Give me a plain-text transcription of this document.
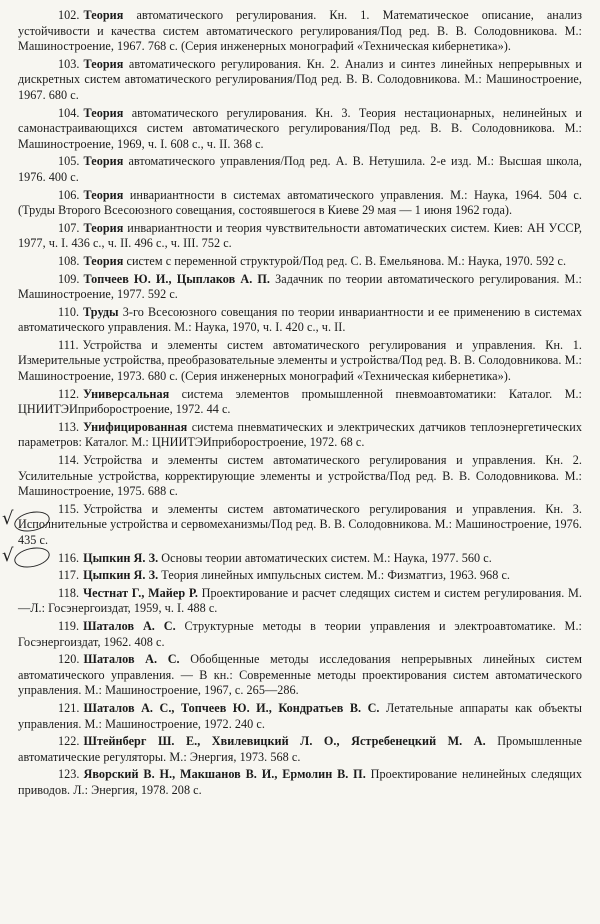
102. Теория автоматического регулирования. Кн. 1. Математическое описание, анализ устойчивости и качества систем автоматического регулирования/Под ред. В. В. Солодовникова. М.: Машиностроение, 1967. 768 с. (Серия инженерных монографий «Техническая кибернетика»).

103. Теория автоматического регулирования. Кн. 2. Анализ и синтез линейных непрерывных и дискретных систем автоматического регулирования/Под ред. В. В. Солодовникова. М.: Машиностроение, 1967. 680 с.

104. Теория автоматического регулирования. Кн. 3. Теория нестационарных, нелинейных и самонастраивающихся систем автоматического регулирования/Под ред. В. В. Солодовникова. М.: Машиностроение, 1969, ч. I. 608 с., ч. II. 368 с.

105. Теория автоматического управления/Под ред. А. В. Нетушила. 2-е изд. М.: Высшая школа, 1976. 400 с.

106. Теория инвариантности в системах автоматического управления. М.: Наука, 1964. 504 с. (Труды Второго Всесоюзного совещания, состоявшегося в Киеве 29 мая — 1 июня 1962 года).

107. Теория инвариантности и теория чувствительности автоматических систем. Киев: АН УССР, 1977, ч. I. 436 с., ч. II. 496 с., ч. III. 752 с.

108. Теория систем с переменной структурой/Под ред. С. В. Емельянова. М.: Наука, 1970. 592 с.

109. Топчеев Ю. И., Цыплаков А. П. Задачник по теории автоматического регулирования. М.: Машиностроение, 1977. 592 с.

110. Труды 3-го Всесоюзного совещания по теории инвариантности и ее применению в системах автоматического управления. М.: Наука, 1970, ч. I. 420 с., ч. II.

111. Устройства и элементы систем автоматического регулирования и управления. Кн. 1. Измерительные устройства, преобразовательные элементы и устройства/Под ред. В. В. Солодовникова. М.: Машиностроение, 1973. 680 с. (Серия инженерных монографий «Техническая кибернетика»).

112. Универсальная система элементов промышленной пневмоавтоматики: Каталог. М.: ЦНИИТЭИприборостроение, 1972. 44 с.

113. Унифицированная система пневматических и электрических датчиков теплоэнергетических параметров: Каталог. М.: ЦНИИТЭИприборостроение, 1972. 68 с.

114. Устройства и элементы систем автоматического регулирования и управления. Кн. 2. Усилительные устройства, корректирующие элементы и устройства/Под ред. В. В. Солодовникова. М.: Машиностроение, 1975. 688 с.

115. Устройства и элементы систем автоматического регулирования и управления. Кн. 3. Исполнительные устройства и сервомеханизмы/Под ред. В. В. Солодовникова. М.: Машиностроение, 1976. 435 с.

116. Цыпкин Я. З. Основы теории автоматических систем. М.: Наука, 1977. 560 с.

117. Цыпкин Я. З. Теория линейных импульсных систем. М.: Физматгиз, 1963. 968 с.

118. Честнат Г., Майер Р. Проектирование и расчет следящих систем и систем регулирования. М.—Л.: Госэнергоиздат, 1959, ч. I. 488 с.

119. Шаталов А. С. Структурные методы в теории управления и электроавтоматике. М.: Госэнергоиздат, 1962. 408 с.

120. Шаталов А. С. Обобщенные методы исследования непрерывных линейных систем автоматического управления. — В кн.: Современные методы проектирования систем автоматического управления. М.: Машиностроение, 1967, с. 265—286.

121. Шаталов А. С., Топчеев Ю. И., Кондратьев В. С. Летательные аппараты как объекты управления. М.: Машиностроение, 1972. 240 с.

122. Штейнберг Ш. Е., Хвилевицкий Л. О., Ястребенецкий М. А. Промышленные автоматические регуляторы. М.: Энергия, 1973. 568 с.

123. Яворский В. Н., Макшанов В. И., Ермолин В. П. Проектирование нелинейных следящих приводов. Л.: Энергия, 1978. 208 с.

√
√
